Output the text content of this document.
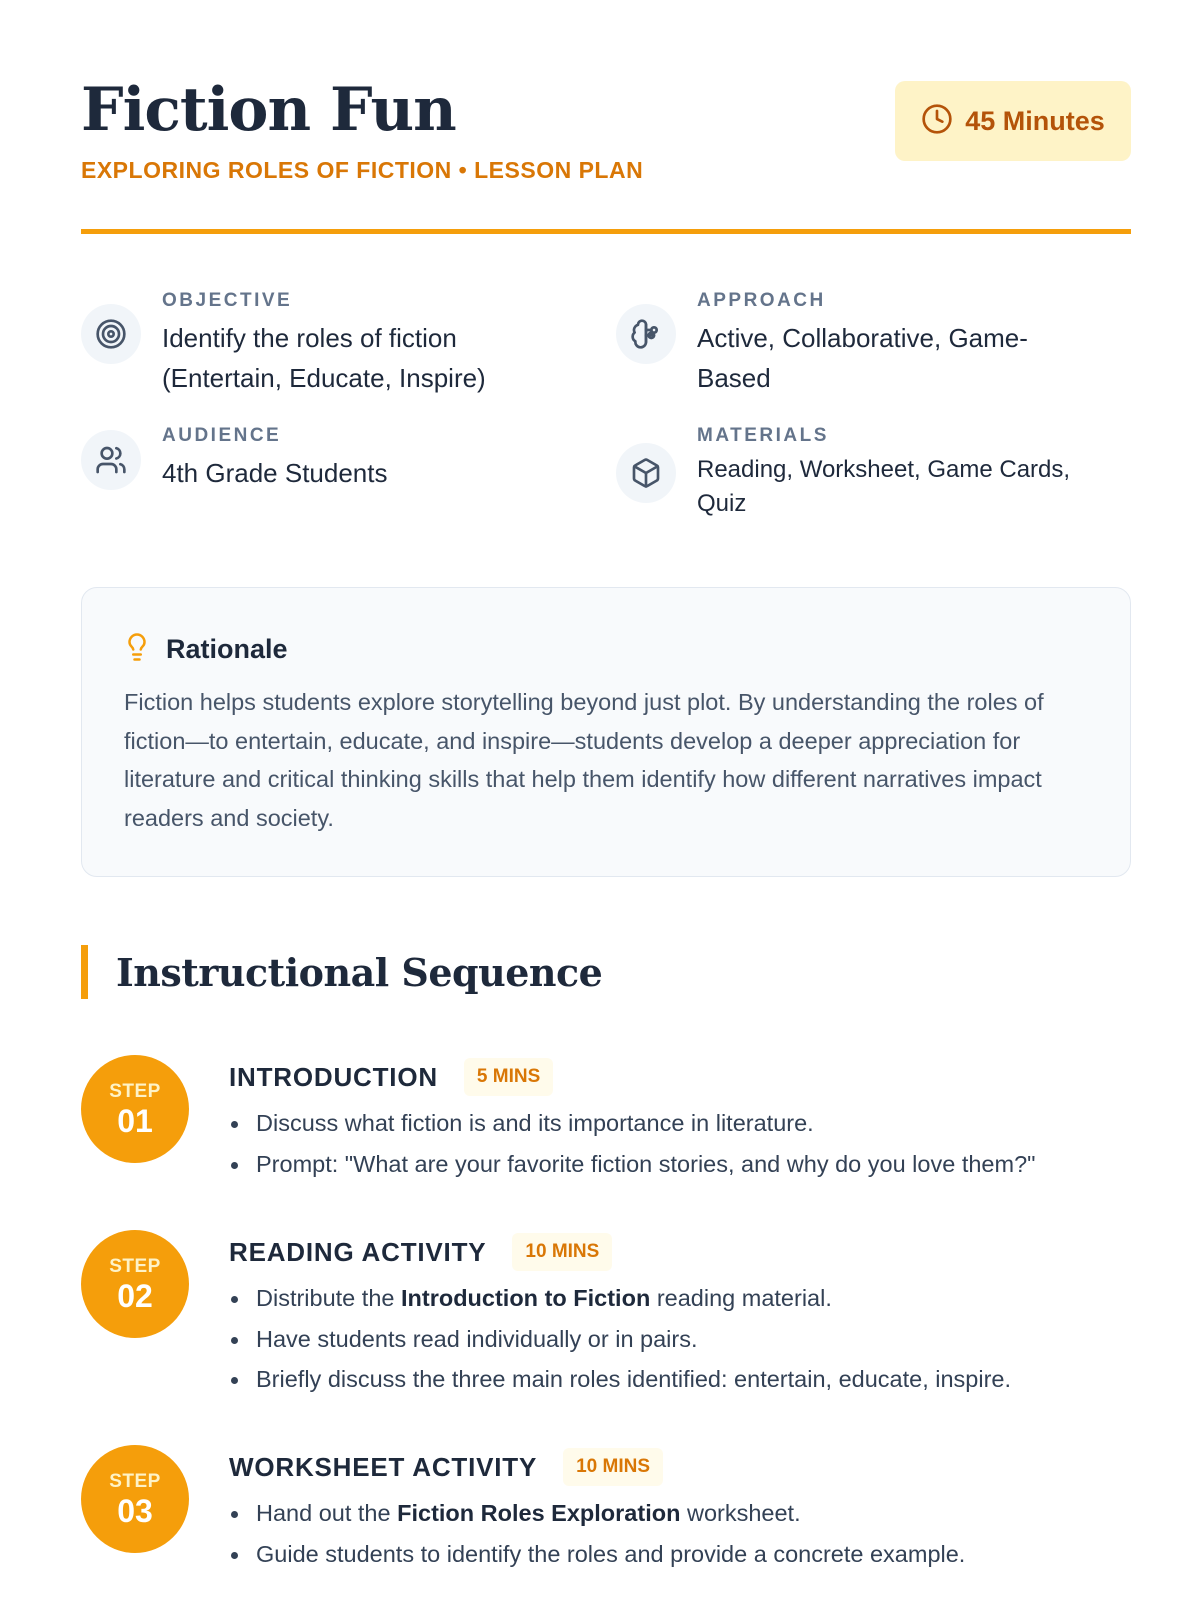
Fiction Fun
EXPLORING ROLES OF FICTION • LESSON PLAN
45 Minutes
OBJECTIVE
Identify the roles of fiction (Entertain, Educate, Inspire)
APPROACH
Active, Collaborative, Game-Based
AUDIENCE
4th Grade Students
MATERIALS
Reading, Worksheet, Game Cards, Quiz
Rationale

Fiction helps students explore storytelling beyond just plot. By understanding the roles of fiction—to entertain, educate, and inspire—students develop a deeper appreciation for literature and critical thinking skills that help them identify how different narratives impact readers and society.

Instructional Sequence
STEP
01
INTRODUCTION	5 MINS
Discuss what fiction is and its importance in literature.
Prompt: "What are your favorite fiction stories, and why do you love them?"
STEP
02
READING ACTIVITY	10 MINS
Distribute the Introduction to Fiction reading material.
Have students read individually or in pairs.
Briefly discuss the three main roles identified: entertain, educate, inspire.
STEP
03
WORKSHEET ACTIVITY	10 MINS
Hand out the Fiction Roles Exploration worksheet.
Guide students to identify the roles and provide a concrete example.
